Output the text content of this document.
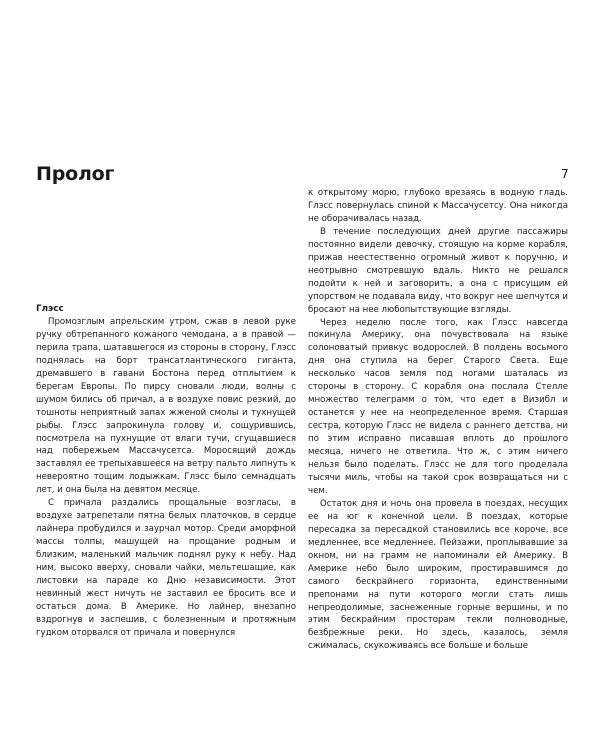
Пролог	7
Глэсс

Промозглым апрельским утром, сжав в левой руке ручку обтрепанного кожаного чемодана, а в правой — перила трапа, шатавшегося из стороны в сторону, Глэсс поднялась на борт трансатлантического гиганта, дремавшего в гавани Бостона перед отплытием к берегам Европы. По пирсу сновали люди, волны с шумом бились об причал, а в воздухе повис резкий, до тошноты неприятный запах жженой смолы и тухнущей рыбы. Глэсс запрокинула голову и, сощурившись, посмотрела на пухнущие от влаги тучи, сгущавшиеся над побережьем Массачусетса. Моросящий дождь заставлял ее трепыхавшееся на ветру пальто липнуть к невероятно тощим лодыжкам. Глэсс было семнадцать лет, и она была на девятом месяце.

С причала раздались прощальные возгласы, в воздухе затрепетали пятна белых платочков, в сердце лайнера пробудился и заурчал мотор. Среди аморфной массы толпы, машущей на прощание родным и близким, маленький мальчик поднял руку к небу. Над ним, высоко вверху, сновали чайки, мельтешащие, как листовки на параде ко Дню независимости. Этот невинный жест ничуть не заставил ее бросить все и остаться дома. В Америке. Но лайнер, внезапно вздрогнув и заспешив, с болезненным и протяжным гудком оторвался от причала и повернулся

к открытому морю, глубоко врезаясь в водную гладь. Глэсс повернулась спиной к Массачусетсу. Она никогда не оборачивалась назад.

В течение последующих дней другие пассажиры постоянно видели девочку, стоящую на корме корабля, прижав неестественно огромный живот к поручню, и неотрывно смотревшую вдаль. Никто не решался подойти к ней и заговорить, а она с присущим ей упорством не подавала виду, что вокруг нее шепчутся и бросают на нее любопытствующие взгляды.

Через неделю после того, как Глэсс навсегда покинула Америку, она почувствовала на языке солоноватый привкус водорослей. В полдень восьмого дня она ступила на берег Старого Света. Еще несколько часов земля под ногами шаталась из стороны в сторону. С корабля она послала Стелле множество телеграмм о том, что едет в Визибл и останется у нее на неопределенное время. Старшая сестра, которую Глэсс не видела с раннего детства, ни по этим исправно писавшая вплоть до прошлого месяца, ничего не ответила. Что ж, с этим ничего нельзя было поделать. Глэсс не для того проделала тысячи миль, чтобы на такой срок возвращаться ни с чем.

Остаток дня и ночь она провела в поездах, несущих ее на юг к конечной цели. В поездах, которые пересадка за пересадкой становились все короче, все медленнее, все медленнее. Пейзажи, проплывавшие за окном, ни на грамм не напоминали ей Америку. В Америке небо было широким, простиравшимся до самого бескрайнего горизонта, единственными препонами на пути которого могли стать лишь непреодолимые, заснеженные горные вершины, и по этим бескрайним просторам текли полноводные, безбрежные реки. Но здесь, казалось, земля сжималась, скукоживаясь все больше и больше
